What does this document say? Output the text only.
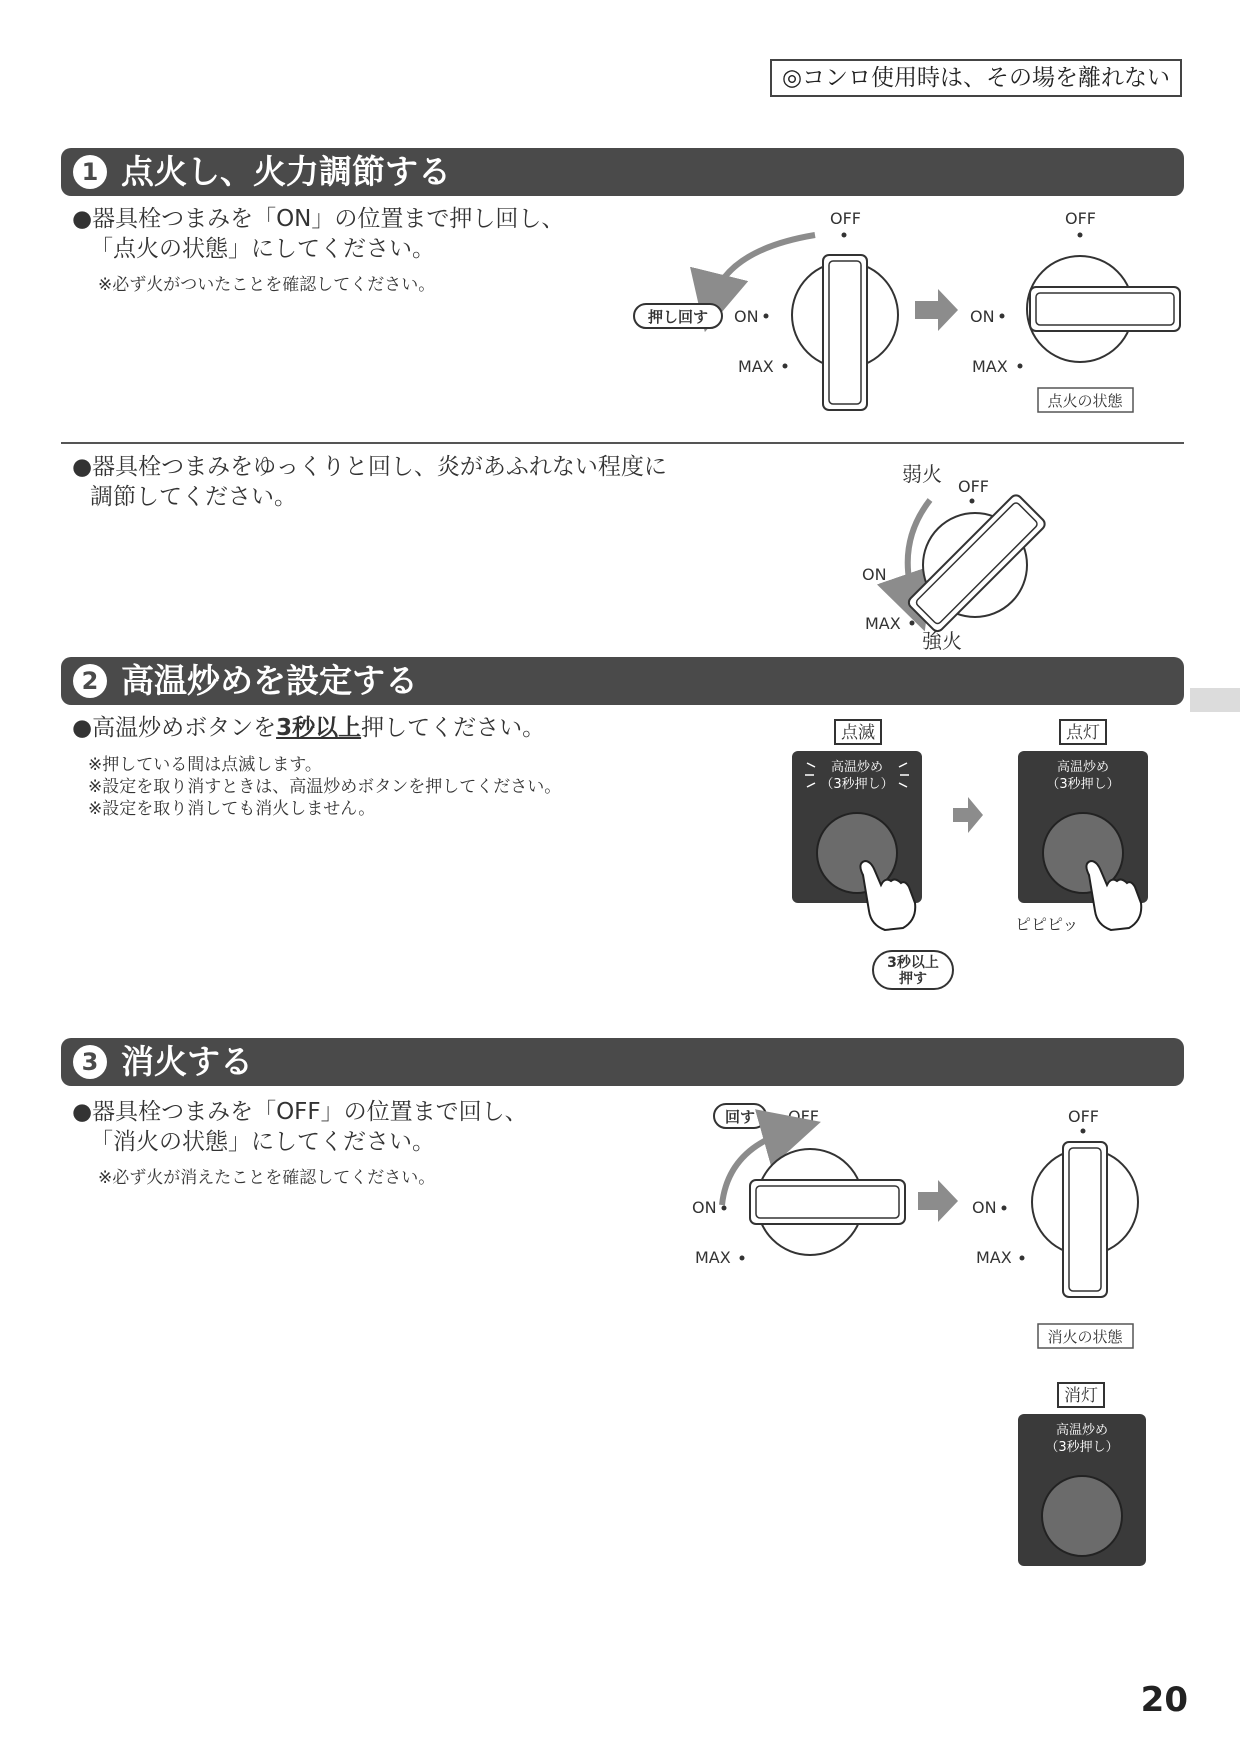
◎コンロ使用時は、その場を離れない
1 点火し、火力調節する
●器具栓つまみを「ON」の位置まで押し回し、
「点火の状態」にしてください。
※必ず火がついたことを確認してください。
OFF
ON
MAX
押し回す
OFF
ON
MAX
点火の状態
●器具栓つまみをゆっくりと回し、炎があふれない程度に
調節してください。
弱火
OFF
ON
MAX
強火
2 高温炒めを設定する
●高温炒めボタンを3秒以上押してください。
※押している間は点滅します。
※設定を取り消すときは、高温炒めボタンを押してください。
※設定を取り消しても消火しません。
点滅
高温炒め
（3秒押し）
3秒以上
押す
点灯
高温炒め
（3秒押し）
ピピピッ
3 消火する
●器具栓つまみを「OFF」の位置まで回し、
「消火の状態」にしてください。
※必ず火が消えたことを確認してください。
回す OFF
ON
MAX
OFF
ON
MAX
消火の状態
消灯
高温炒め
（3秒押し）
20
